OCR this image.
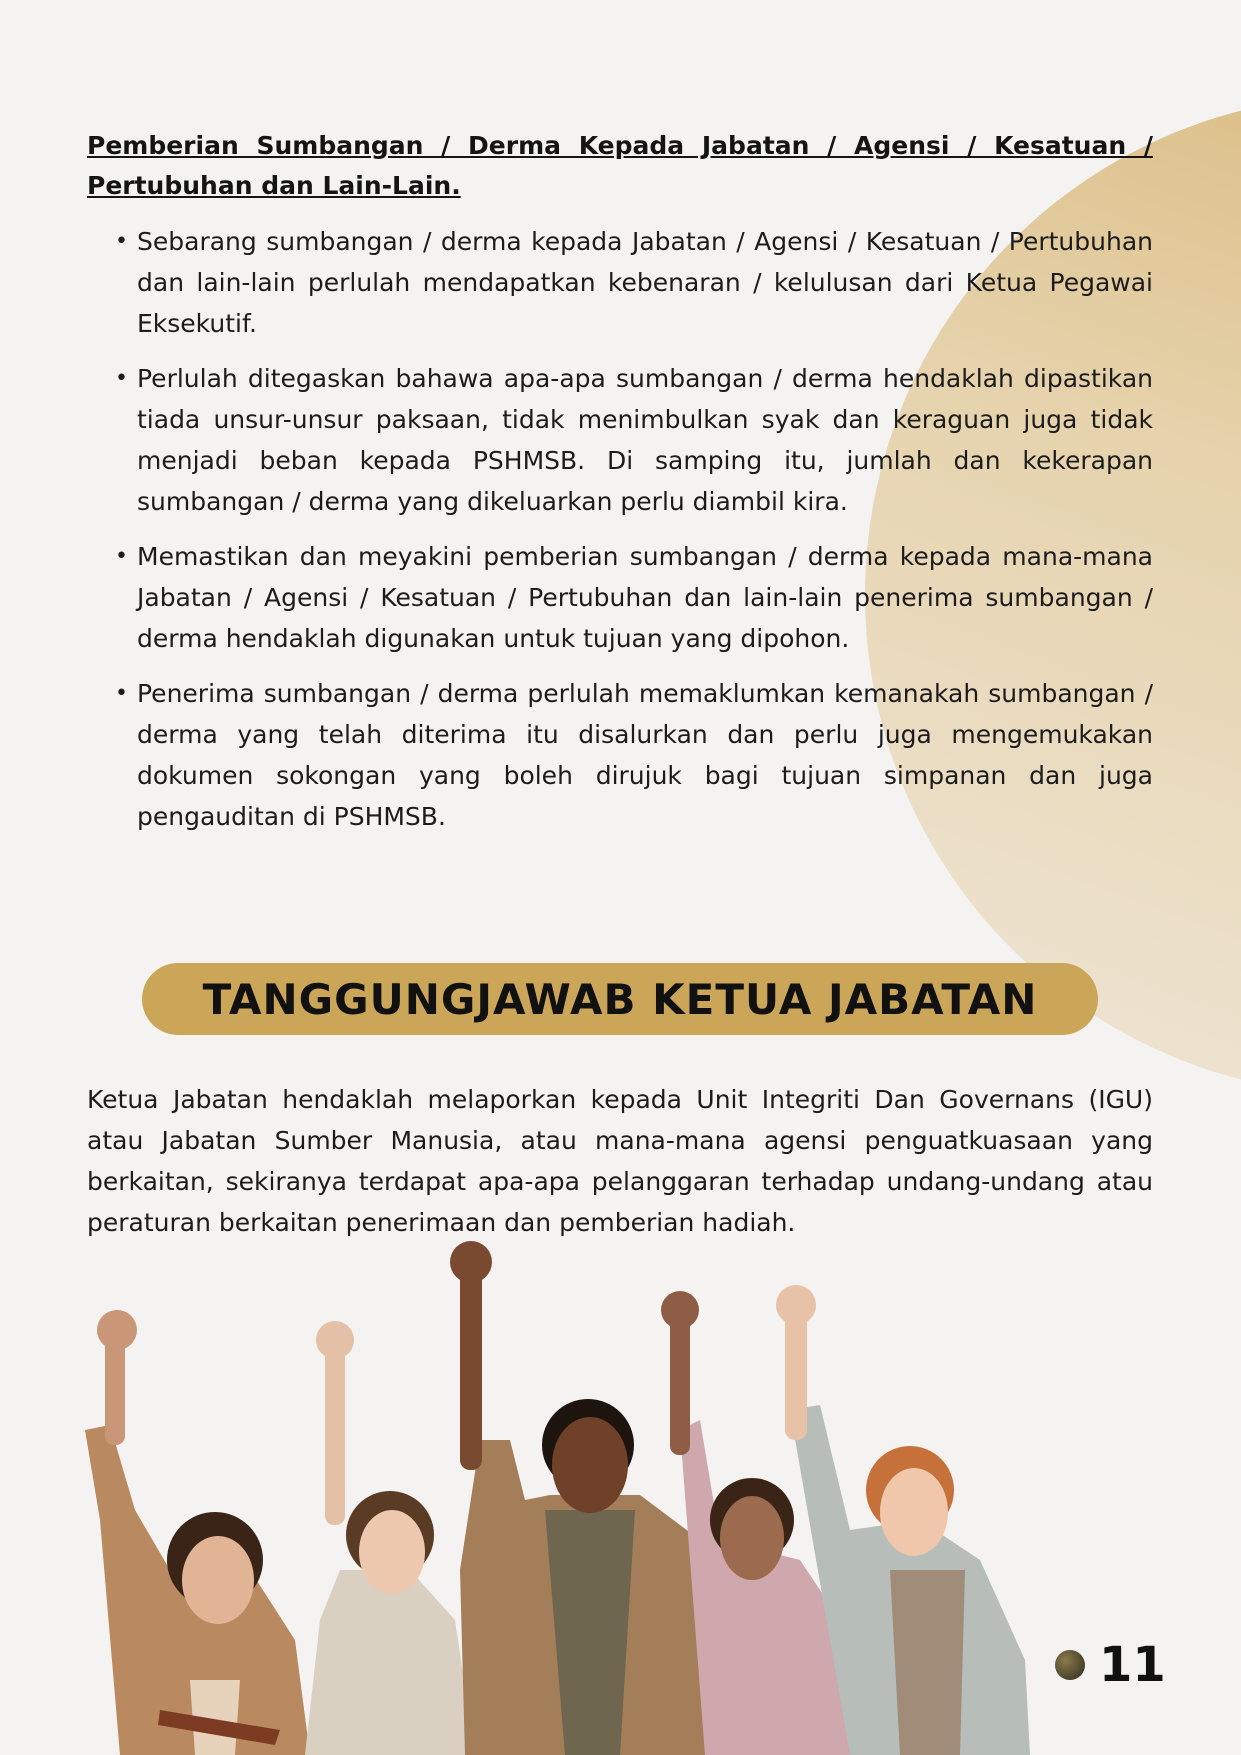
Pemberian Sumbangan / Derma Kepada Jabatan / Agensi / Kesatuan / Pertubuhan dan Lain-Lain.

• Sebarang sumbangan / derma kepada Jabatan / Agensi / Kesatuan / Pertubuhan dan lain-lain perlulah mendapatkan kebenaran / kelulusan dari Ketua Pegawai Eksekutif.
• Perlulah ditegaskan bahawa apa-apa sumbangan / derma hendaklah dipastikan tiada unsur-unsur paksaan, tidak menimbulkan syak dan keraguan juga tidak menjadi beban kepada PSHMSB. Di samping itu, jumlah dan kekerapan sumbangan / derma yang dikeluarkan perlu diambil kira.
• Memastikan dan meyakini pemberian sumbangan / derma kepada mana-mana Jabatan / Agensi / Kesatuan / Pertubuhan dan lain-lain penerima sumbangan / derma hendaklah digunakan untuk tujuan yang dipohon.
• Penerima sumbangan / derma perlulah memaklumkan kemanakah sumbangan / derma yang telah diterima itu disalurkan dan perlu juga mengemukakan dokumen sokongan yang boleh dirujuk bagi tujuan simpanan dan juga pengauditan di PSHMSB.
TANGGUNGJAWAB KETUA JABATAN

Ketua Jabatan hendaklah melaporkan kepada Unit Integriti Dan Governans (IGU) atau Jabatan Sumber Manusia, atau mana-mana agensi penguatkuasaan yang berkaitan, sekiranya terdapat apa-apa pelanggaran terhadap undang-undang atau peraturan berkaitan penerimaan dan pemberian hadiah.

11
